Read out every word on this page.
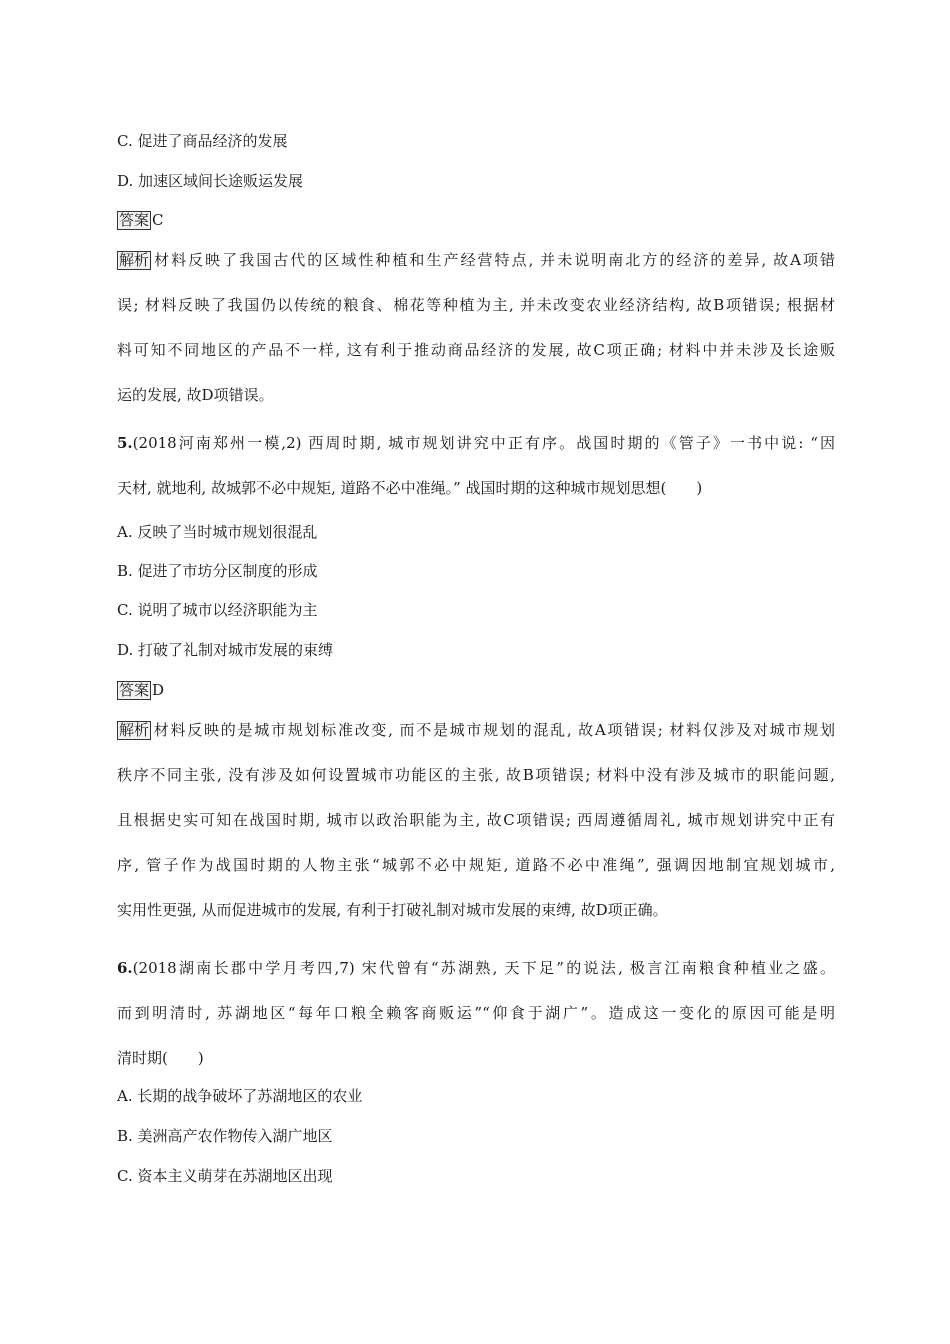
C. 促进了商品经济的发展
D. 加速区域间长途贩运发展
答案 C
解析 材料反映了我国古代的区域性种植和生产经营特点, 并未说明南北方的经济的差异, 故A项错
误; 材料反映了我国仍以传统的粮食、棉花等种植为主, 并未改变农业经济结构, 故B项错误; 根据材
料可知不同地区的产品不一样, 这有利于推动商品经济的发展, 故C项正确; 材料中并未涉及长途贩
运的发展, 故D项错误。
5.(2018河南郑州一模,2) 西周时期, 城市规划讲究中正有序。战国时期的《管子》一书中说: “因
天材, 就地利, 故城郭不必中规矩, 道路不必中准绳。” 战国时期的这种城市规划思想(　　)
A. 反映了当时城市规划很混乱
B. 促进了市坊分区制度的形成
C. 说明了城市以经济职能为主
D. 打破了礼制对城市发展的束缚
答案 D
解析 材料反映的是城市规划标准改变, 而不是城市规划的混乱, 故A项错误; 材料仅涉及对城市规划
秩序不同主张, 没有涉及如何设置城市功能区的主张, 故B项错误; 材料中没有涉及城市的职能问题,
且根据史实可知在战国时期, 城市以政治职能为主, 故C项错误; 西周遵循周礼, 城市规划讲究中正有
序, 管子作为战国时期的人物主张“城郭不必中规矩, 道路不必中准绳”, 强调因地制宜规划城市,
实用性更强, 从而促进城市的发展, 有利于打破礼制对城市发展的束缚, 故D项正确。
6.(2018湖南长郡中学月考四,7) 宋代曾有“苏湖熟, 天下足”的说法, 极言江南粮食种植业之盛。
而到明清时, 苏湖地区“每年口粮全赖客商贩运”“仰食于湖广”。造成这一变化的原因可能是明
清时期(　　)
A. 长期的战争破坏了苏湖地区的农业
B. 美洲高产农作物传入湖广地区
C. 资本主义萌芽在苏湖地区出现
